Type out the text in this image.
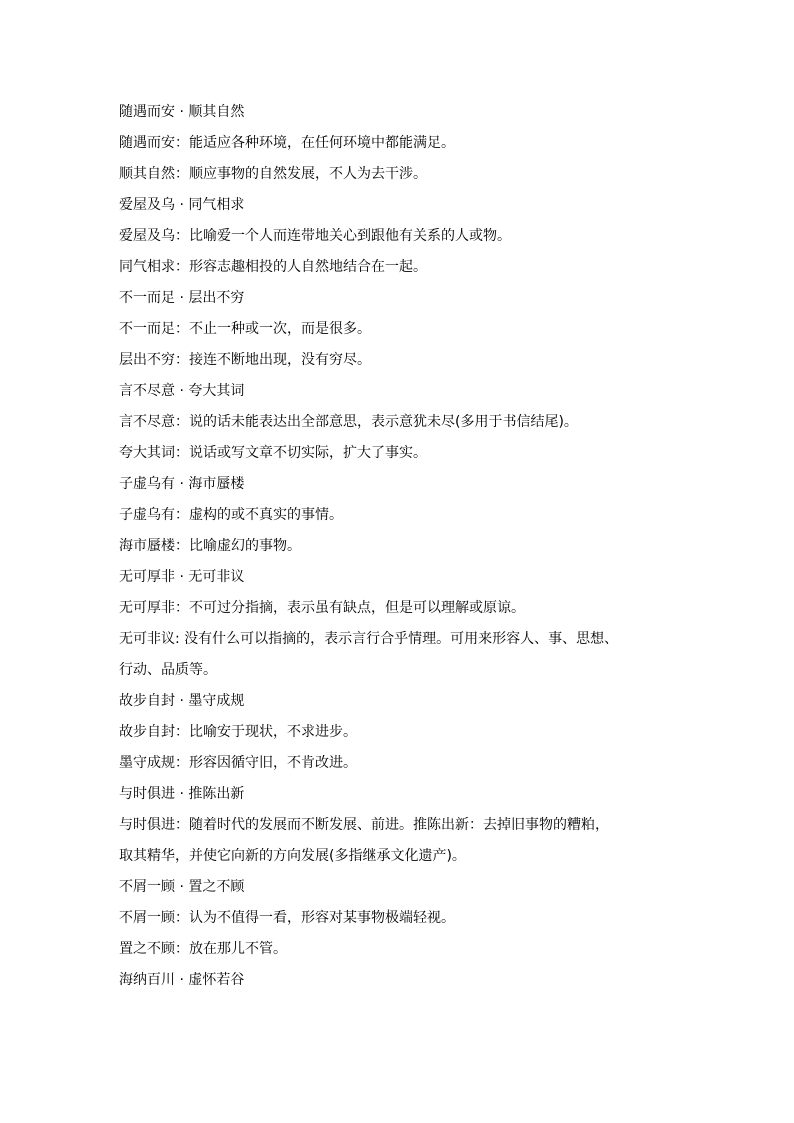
随遇而安 · 顺其自然
随遇而安：能适应各种环境，在任何环境中都能满足。
顺其自然：顺应事物的自然发展，不人为去干涉。
爱屋及乌 · 同气相求
爱屋及乌：比喻爱一个人而连带地关心到跟他有关系的人或物。
同气相求：形容志趣相投的人自然地结合在一起。
不一而足 · 层出不穷
不一而足：不止一种或一次，而是很多。
层出不穷：接连不断地出现，没有穷尽。
言不尽意 · 夸大其词
言不尽意：说的话未能表达出全部意思，表示意犹未尽(多用于书信结尾)。
夸大其词：说话或写文章不切实际，扩大了事实。
子虚乌有 · 海市蜃楼
子虚乌有：虚构的或不真实的事情。
海市蜃楼：比喻虚幻的事物。
无可厚非 · 无可非议
无可厚非：不可过分指摘，表示虽有缺点，但是可以理解或原谅。
无可非议: 没有什么可以指摘的，表示言行合乎情理。可用来形容人、事、思想、
行动、品质等。
故步自封 · 墨守成规
故步自封：比喻安于现状，不求进步。
墨守成规：形容因循守旧，不肯改进。
与时俱进 · 推陈出新
与时俱进：随着时代的发展而不断发展、前进。推陈出新：去掉旧事物的糟粕，
取其精华，并使它向新的方向发展(多指继承文化遗产)。
不屑一顾 · 置之不顾
不屑一顾：认为不值得一看，形容对某事物极端轻视。
置之不顾：放在那儿不管。
海纳百川 · 虚怀若谷
